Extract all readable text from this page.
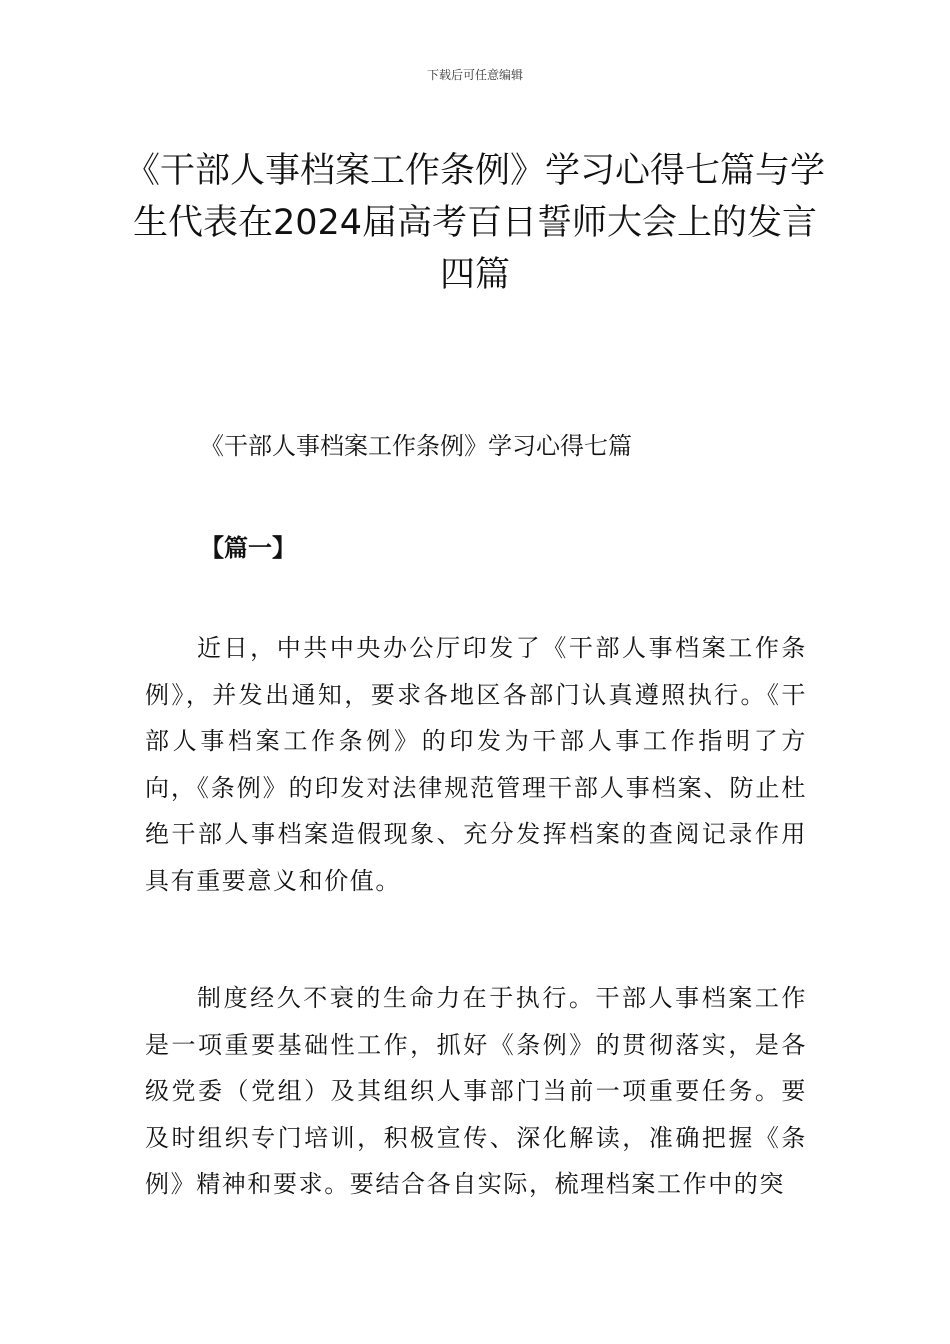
下载后可任意编辑
《干部人事档案工作条例》学习心得七篇与学生代表在2024届高考百日誓师大会上的发言四篇
《干部人事档案工作条例》学习心得七篇
【篇一】

近日，中共中央办公厅印发了《干部人事档案工作条例》，并发出通知，要求各地区各部门认真遵照执行。《干部人事档案工作条例》的印发为干部人事工作指明了方向，《条例》的印发对法律规范管理干部人事档案、防止杜绝干部人事档案造假现象、充分发挥档案的查阅记录作用具有重要意义和价值。

制度经久不衰的生命力在于执行。干部人事档案工作是一项重要基础性工作，抓好《条例》的贯彻落实，是各级党委（党组）及其组织人事部门当前一项重要任务。要及时组织专门培训，积极宣传、深化解读，准确把握《条例》精神和要求。要结合各自实际，梳理档案工作中的突
